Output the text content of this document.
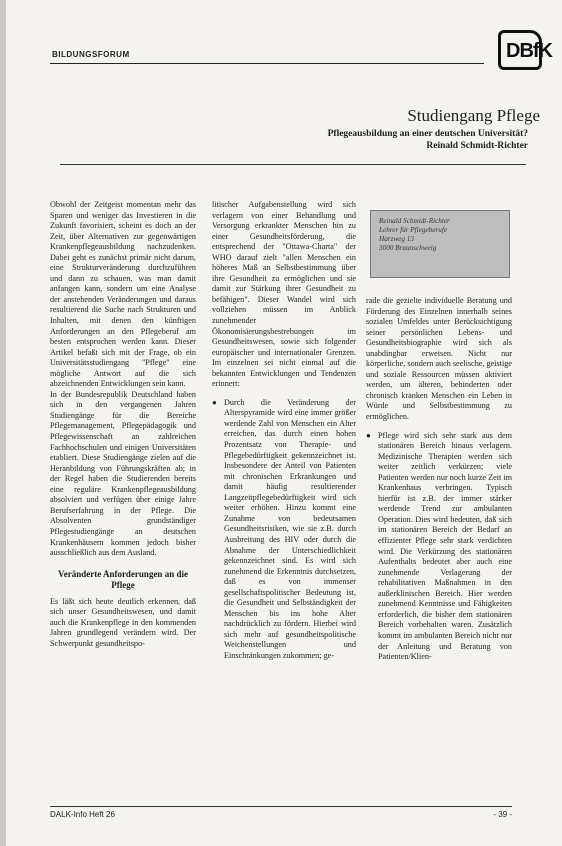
BILDUNGSFORUM	DBfK
Studiengang Pflege
Pflegeausbildung an einer deutschen Universität?
Reinald Schmidt-Richter

Obwohl der Zeitgeist momentan mehr das Sparen und weniger das Investieren in die Zukunft favorisiert, scheint es doch an der Zeit, über Alternativen zur gegenwärtigen Krankenpflegeausbildung nachzudenken. Dabei geht es zunächst primär nicht darum, eine Strukturveränderung durchzuführen und dann zu schauen, was man damit anfangen kann, sondern um eine Analyse der anstehenden Veränderungen und daraus resultierend die Suche nach Strukturen und Inhalten, mit denen den künftigen Anforderungen an den Pflegeberuf am besten entsprochen werden kann. Dieser Artikel befaßt sich mit der Frage, ob ein Universitätsstudiengang "Pflege" eine mögliche Antwort auf die sich abzeichnenden Entwicklungen sein kann.

In der Bundesrepublik Deutschland haben sich in den vergangenen Jahren Studiengänge für die Bereiche Pflegemanagement, Pflegepädagogik und Pflegewissenschaft an zahlreichen Fachhochschulen und einigen Universitäten etabliert. Diese Studiengänge zielen auf die Heranbildung von Führungskräften ab; in der Regel haben die Studierenden bereits eine reguläre Krankenpflegeausbildung absolviert und verfügen über einige Jahre Berufserfahrung in der Pflege. Die Absolventen grundständiger Pflegestudiengänge an deutschen Krankenhäusern kommen jedoch bisher ausschließlich aus dem Ausland.

Veränderte Anforderungen an die Pflege

Es läßt sich heute deutlich erkennen, daß sich unser Gesundheitswesen, und damit auch die Krankenpflege in den kommenden Jahren grundlegend verändern wird. Der Schwerpunkt gesundheitspo-

litischer Aufgabenstellung wird sich verlagern von einer Behandlung und Versorgung erkrankter Menschen hin zu einer Gesundheitsförderung, die entsprechend der "Ottawa-Charta" der WHO darauf zielt "allen Menschen ein höheres Maß an Selbstbestimmung über ihre Gesundheit zu ermöglichen und sie damit zur Stärkung ihrer Gesundheit zu befähigen". Dieser Wandel wird sich vollziehen müssen im Anblick zunehmender Ökonomisierungsbestrebungen im Gesundheitswesen, sowie sich folgender europäischer und internationaler Grenzen. Im einzelnen sei nicht einmal auf die bekannten Entwicklungen und Tendenzen erinnert:

● Durch die Veränderung der Alterspyramide wird eine immer größer werdende Zahl von Menschen ein Alter erreichen, das durch einen hohen Prozentsatz von Therapie- und Pflegebedürftigkeit gekennzeichnet ist. Insbesondere der Anteil von Patienten mit chronischen Erkrankungen und damit häufig resultierender Langzeitpflegebedürftigkeit wird sich weiter erhöhen. Hinzu kommt eine Zunahme von bedeutsamen Gesundheitsrisiken, wie sie z.B. durch Ausbreitung des HIV oder durch die Abnahme der Unterschiedlichkeit gekennzeichnet sind. Es wird sich zunehmend die Erkenntnis durchsetzen, daß es von immenser gesellschaftspolitischer Bedeutung ist, die Gesundheit und Selbständigkeit der Menschen bis ins hohe Alter nachdrücklich zu fördern. Hierbei wird sich mehr auf gesundheitspolitische Weichenstellungen und Einschränkungen zukommen; ge-
Reinald Schmidt-Richter
Lehrer für Pflegeberufe
Harzweg 13
3000 Braunschweig

rade die gezielte individuelle Beratung und Förderung des Einzelnen innerhalb seines sozialen Umfeldes unter Berücksichtigung seiner persönlichen Lebens- und Gesundheitsbiographie wird sich als unabdingbar erweisen. Nicht nur körperliche, sondern auch seelische, geistige und soziale Ressourcen müssen aktiviert werden, um älteren, behinderten oder chronisch kranken Menschen ein Leben in Würde und Selbstbestimmung zu ermöglichen.

● Pflege wird sich sehr stark aus dem stationären Bereich hinaus verlagern. Medizinische Therapien werden sich weiter zeitlich verkürzen; viele Patienten werden nur noch kurze Zeit im Krankenhaus verbringen. Typisch hierfür ist z.B. der immer stärker werdende Trend zur ambulanten Operation. Dies wird bedeuten, daß sich im stationären Bereich der Bedarf an effizienter Pflege sehr stark verdichten wird. Die Verkürzung des stationären Aufenthalts bedeutet aber auch eine zunehmende Verlagerung der rehabilitativen Maßnahmen in den außerklinischen Bereich. Hier werden zunehmend Kenntnisse und Fähigkeiten erforderlich, die bisher dem stationären Bereich vorbehalten waren. Zusätzlich kommt im ambulanten Bereich nicht nur der Anleitung und Beratung von Patienten/Klien-
DALK-Info Heft 26	- 39 -
